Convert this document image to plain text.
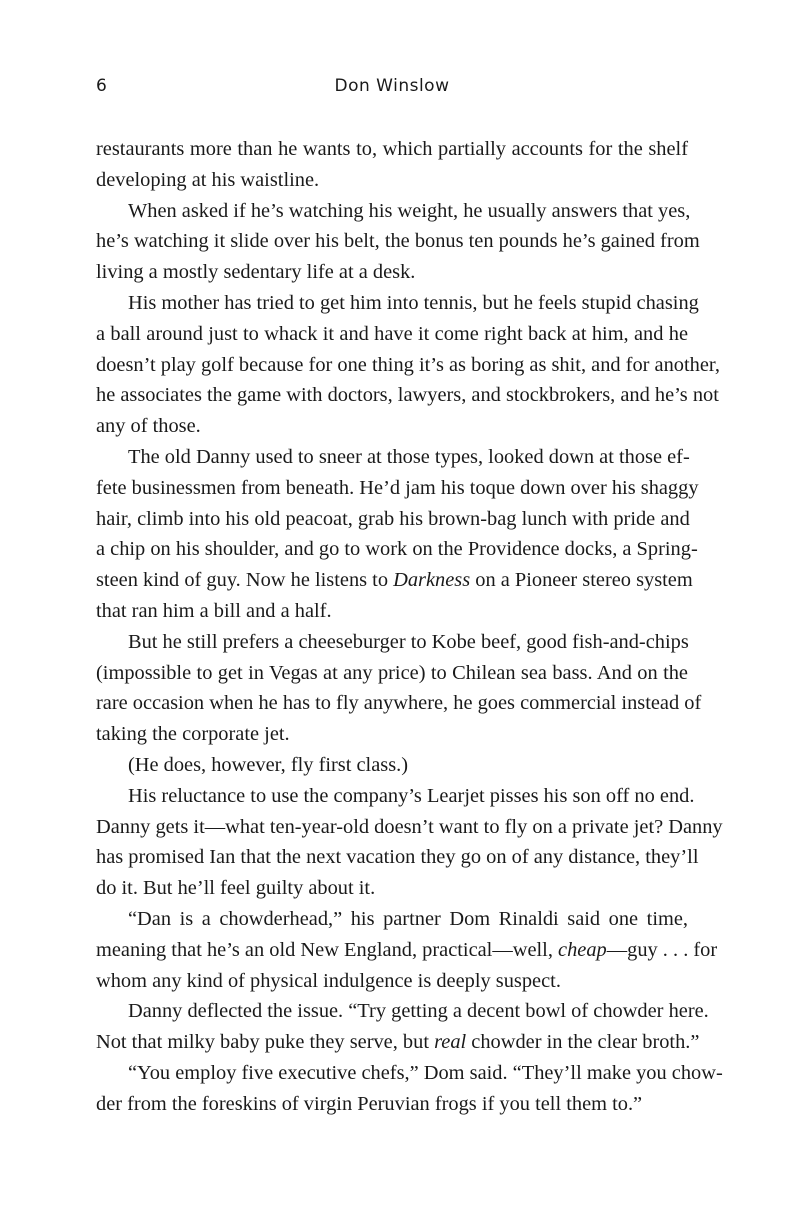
6	Don Winslow
restaurants more than he wants to, which partially accounts for the shelf
developing at his waistline.
When asked if he’s watching his weight, he usually answers that yes,
he’s watching it slide over his belt, the bonus ten pounds he’s gained from
living a mostly sedentary life at a desk.
His mother has tried to get him into tennis, but he feels stupid chasing
a ball around just to whack it and have it come right back at him, and he
doesn’t play golf because for one thing it’s as boring as shit, and for another,
he associates the game with doctors, lawyers, and stockbrokers, and he’s not
any of those.
The old Danny used to sneer at those types, looked down at those ef-
fete businessmen from beneath. He’d jam his toque down over his shaggy
hair, climb into his old peacoat, grab his brown-bag lunch with pride and
a chip on his shoulder, and go to work on the Providence docks, a Spring-
steen kind of guy. Now he listens to Darkness on a Pioneer stereo system
that ran him a bill and a half.
But he still prefers a cheeseburger to Kobe beef, good fish-and-chips
(impossible to get in Vegas at any price) to Chilean sea bass. And on the
rare occasion when he has to fly anywhere, he goes commercial instead of
taking the corporate jet.
(He does, however, fly first class.)
His reluctance to use the company’s Learjet pisses his son off no end.
Danny gets it—what ten-year-old doesn’t want to fly on a private jet? Danny
has promised Ian that the next vacation they go on of any distance, they’ll
do it. But he’ll feel guilty about it.
“Dan is a chowderhead,” his partner Dom Rinaldi said one time,
meaning that he’s an old New England, practical—well, cheap—guy . . . for
whom any kind of physical indulgence is deeply suspect.
Danny deflected the issue. “Try getting a decent bowl of chowder here.
Not that milky baby puke they serve, but real chowder in the clear broth.”
“You employ five executive chefs,” Dom said. “They’ll make you chow-
der from the foreskins of virgin Peruvian frogs if you tell them to.”
